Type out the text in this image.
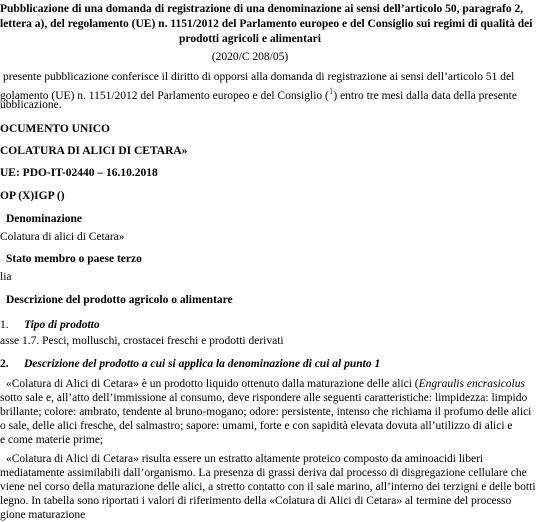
Pubblicazione di una domanda di registrazione di una denominazione ai sensi dell’articolo 50, paragrafo 2,
lettera a), del regolamento (UE) n. 1151/2012 del Parlamento europeo e del Consiglio sui regimi di qualità dei
prodotti agricoli e alimentari
(2020/C 208/05)
presente pubblicazione conferisce il diritto di opporsi alla domanda di registrazione ai sensi dell’articolo 51 del
golamento (UE) n. 1151/2012 del Parlamento europeo e del Consiglio ($^1$) entro tre mesi dalla data della presente
ubblicazione.
OCUMENTO UNICO
COLATURA DI ALICI DI CETARA»
UE: PDO-IT-02440 – 16.10.2018
OP (X)IGP ()
Denominazione
Colatura di alici di Cetara»
Stato membro o paese terzo
lia
Descrizione del prodotto agricolo o alimentare
1. Tipo di prodotto
asse 1.7. Pesci, molluschi, crostacei freschi e prodotti derivati
2. Descrizione del prodotto a cui si applica la denominazione di cui al punto 1
«Colatura di Alici di Cetara» è un prodotto liquido ottenuto dalla maturazione delle alici (Engraulis encrasicolus
sotto sale e, all’atto dell’immissione al consumo, deve rispondere alle seguenti caratteristiche: limpidezza: limpido
brillante; colore: ambrato, tendente al bruno-mogano; odore: persistente, intenso che richiama il profumo delle alici
o sale, delle alici fresche, del salmastro; sapore: umami, forte e con sapidità elevata dovuta all’utilizzo di alici e
e come materie prime;
«Colatura di Alici di Cetara» risulta essere un estratto altamente proteico composto da aminoacidi liberi
mediatamente assimilabili dall’organismo. La presenza di grassi deriva dal processo di disgregazione cellulare che
viene nel corso della maturazione delle alici, a stretto contatto con il sale marino, all’interno dei terzigni e delle botti
legno. In tabella sono riportati i valori di riferimento della «Colatura di Alici di Cetara» al termine del processo
gione maturazione
